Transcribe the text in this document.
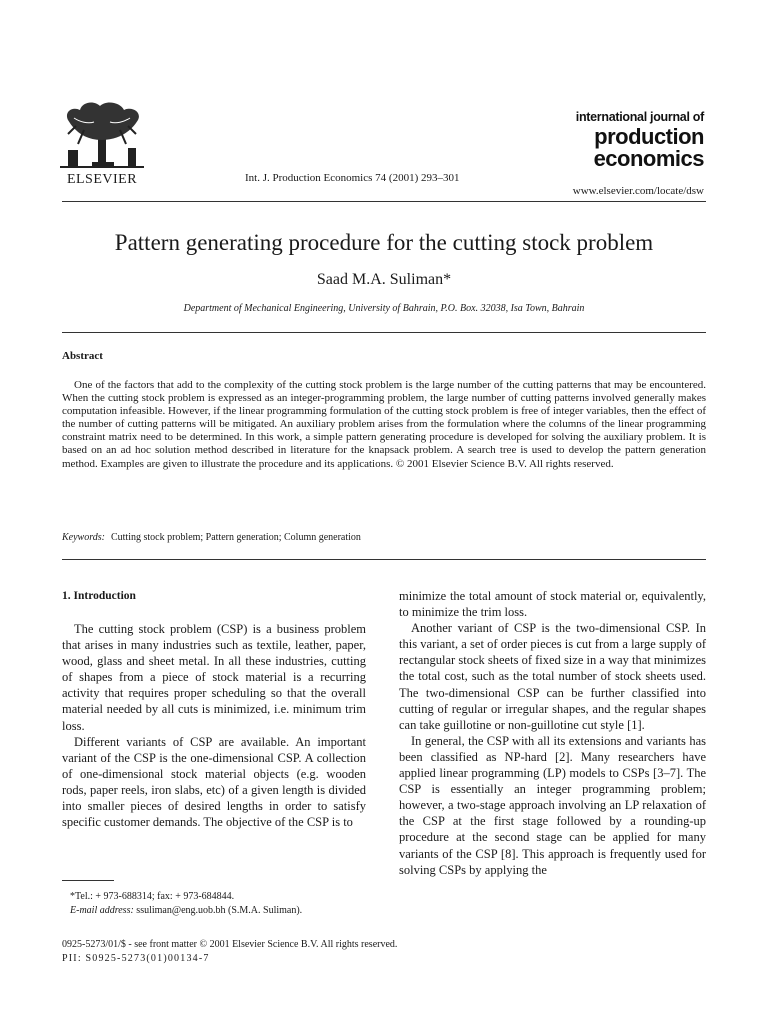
ELSEVIER	Int. J. Production Economics 74 (2001) 293–301
international journal of
production
economics
www.elsevier.com/locate/dsw
Pattern generating procedure for the cutting stock problem
Saad M.A. Suliman*
Department of Mechanical Engineering, University of Bahrain, P.O. Box. 32038, Isa Town, Bahrain
Abstract

One of the factors that add to the complexity of the cutting stock problem is the large number of the cutting patterns that may be encountered. When the cutting stock problem is expressed as an integer-programming problem, the large number of cutting patterns involved generally makes computation infeasible. However, if the linear programming formulation of the cutting stock problem is free of integer variables, then the effect of the number of cutting patterns will be mitigated. An auxiliary problem arises from the formulation where the columns of the linear programming constraint matrix need to be determined. In this work, a simple pattern generating procedure is developed for solving the auxiliary problem. It is based on an ad hoc solution method described in literature for the knapsack problem. A search tree is used to develop the pattern generation method. Examples are given to illustrate the procedure and its applications. © 2001 Elsevier Science B.V. All rights reserved.

Keywords: Cutting stock problem; Pattern generation; Column generation
1. Introduction

The cutting stock problem (CSP) is a business problem that arises in many industries such as textile, leather, paper, wood, glass and sheet metal. In all these industries, cutting of shapes from a piece of stock material is a recurring activity that requires proper scheduling so that the overall material needed by all cuts is minimized, i.e. minimum trim loss.

Different variants of CSP are available. An important variant of the CSP is the one-dimensional CSP. A collection of one-dimensional stock material objects (e.g. wooden rods, paper reels, iron slabs, etc) of a given length is divided into smaller pieces of desired lengths in order to satisfy specific customer demands. The objective of the CSP is to

minimize the total amount of stock material or, equivalently, to minimize the trim loss.

Another variant of CSP is the two-dimensional CSP. In this variant, a set of order pieces is cut from a large supply of rectangular stock sheets of fixed size in a way that minimizes the total cost, such as the total number of stock sheets used. The two-dimensional CSP can be further classified into cutting of regular or irregular shapes, and the regular shapes can take guillotine or non-guillotine cut style [1].

In general, the CSP with all its extensions and variants has been classified as NP-hard [2]. Many researchers have applied linear programming (LP) models to CSPs [3–7]. The CSP is essentially an integer programming problem; however, a two-stage approach involving an LP relaxation of the CSP at the first stage followed by a rounding-up procedure at the second stage can be applied for many variants of the CSP [8]. This approach is frequently used for solving CSPs by applying the

*Tel.: + 973-688314; fax: + 973-684844.
E-mail address: ssuliman@eng.uob.bh (S.M.A. Suliman).
0925-5273/01/$ - see front matter © 2001 Elsevier Science B.V. All rights reserved.
PII: S0925-5273(01)00134-7
